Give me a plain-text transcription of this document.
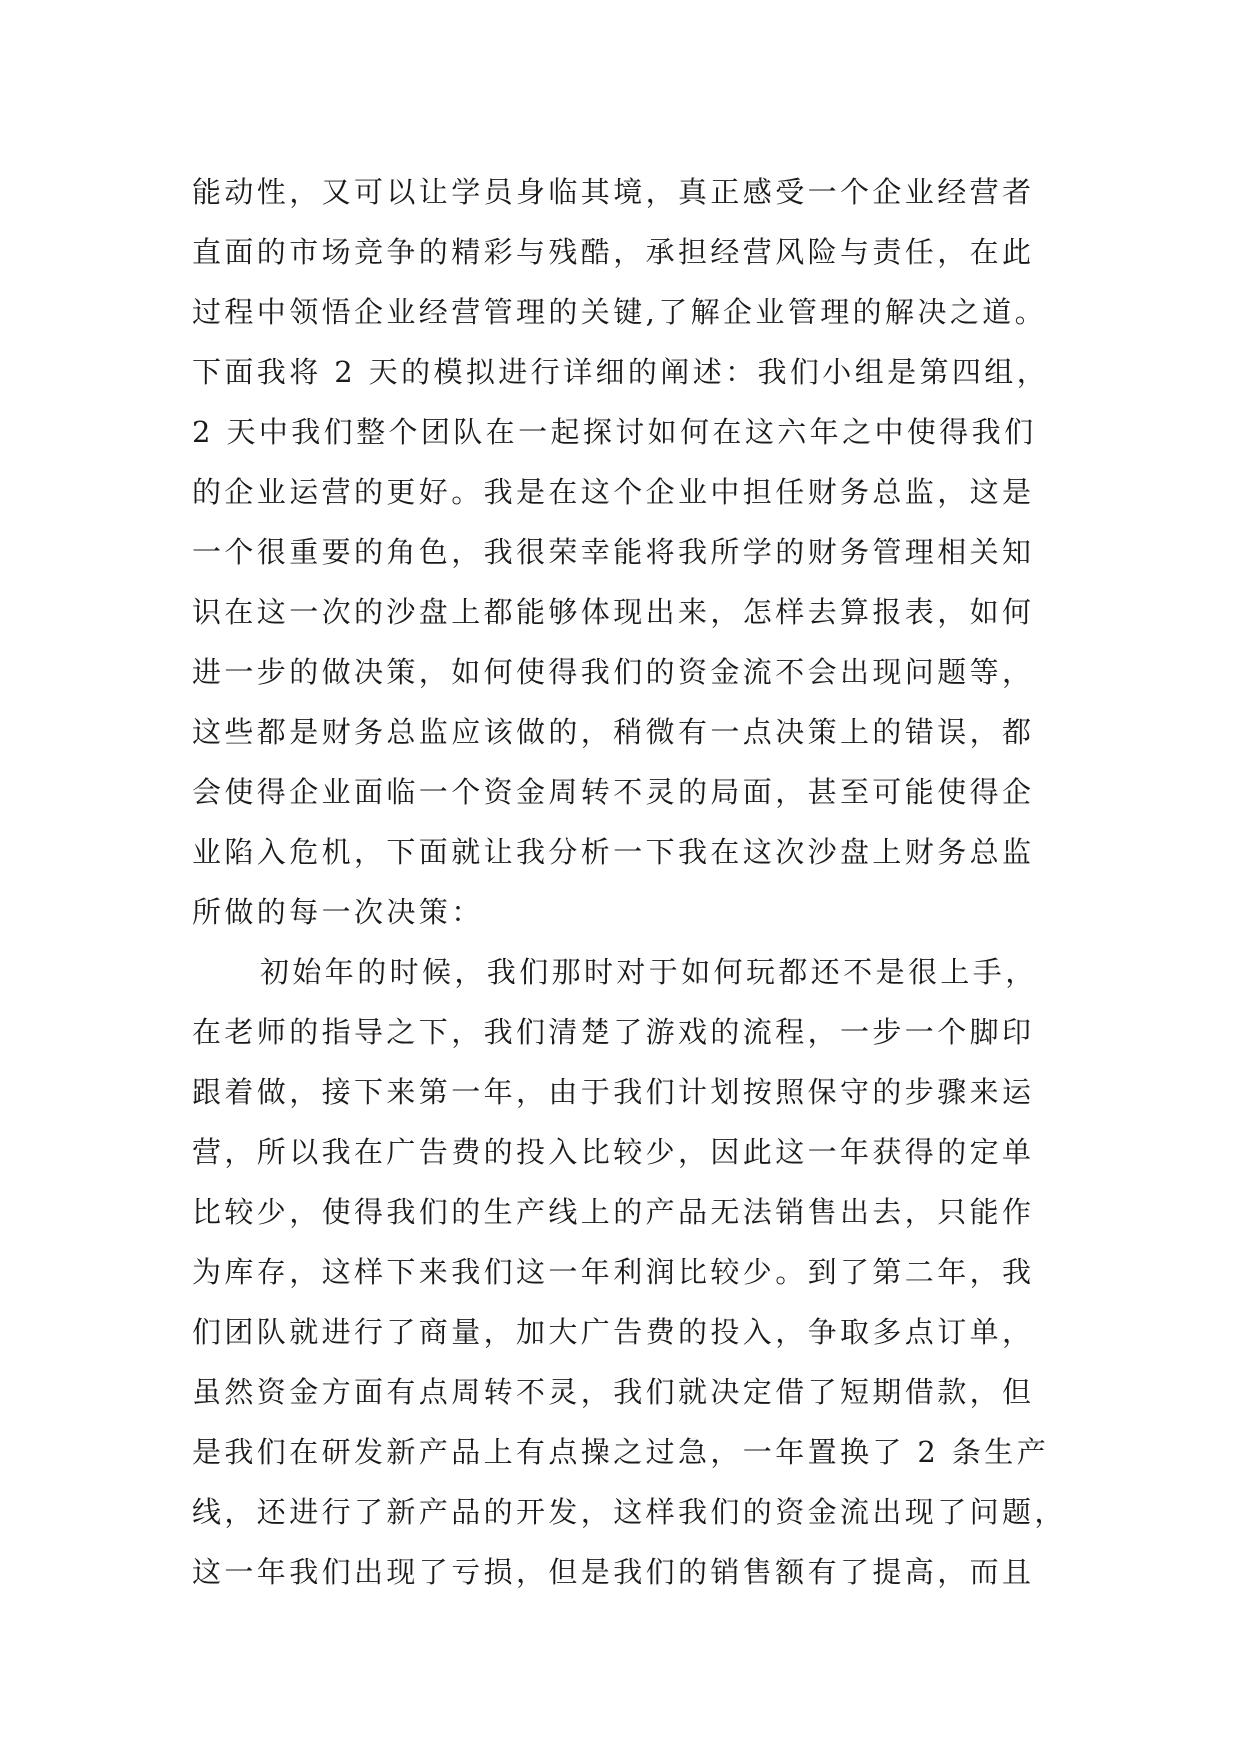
能动性，又可以让学员身临其境，真正感受一个企业经营者
直面的市场竞争的精彩与残酷，承担经营风险与责任，在此
过程中领悟企业经营管理的关键,了解企业管理的解决之道。
下面我将 2 天的模拟进行详细的阐述：我们小组是第四组，
2 天中我们整个团队在一起探讨如何在这六年之中使得我们
的企业运营的更好。我是在这个企业中担任财务总监，这是
一个很重要的角色，我很荣幸能将我所学的财务管理相关知
识在这一次的沙盘上都能够体现出来，怎样去算报表，如何
进一步的做决策，如何使得我们的资金流不会出现问题等，
这些都是财务总监应该做的，稍微有一点决策上的错误，都
会使得企业面临一个资金周转不灵的局面，甚至可能使得企
业陷入危机，下面就让我分析一下我在这次沙盘上财务总监
所做的每一次决策：
初始年的时候，我们那时对于如何玩都还不是很上手，
在老师的指导之下，我们清楚了游戏的流程，一步一个脚印
跟着做，接下来第一年，由于我们计划按照保守的步骤来运
营，所以我在广告费的投入比较少，因此这一年获得的定单
比较少，使得我们的生产线上的产品无法销售出去，只能作
为库存，这样下来我们这一年利润比较少。到了第二年，我
们团队就进行了商量，加大广告费的投入，争取多点订单，
虽然资金方面有点周转不灵，我们就决定借了短期借款，但
是我们在研发新产品上有点操之过急，一年置换了 2 条生产
线，还进行了新产品的开发，这样我们的资金流出现了问题，
这一年我们出现了亏损，但是我们的销售额有了提高，而且
